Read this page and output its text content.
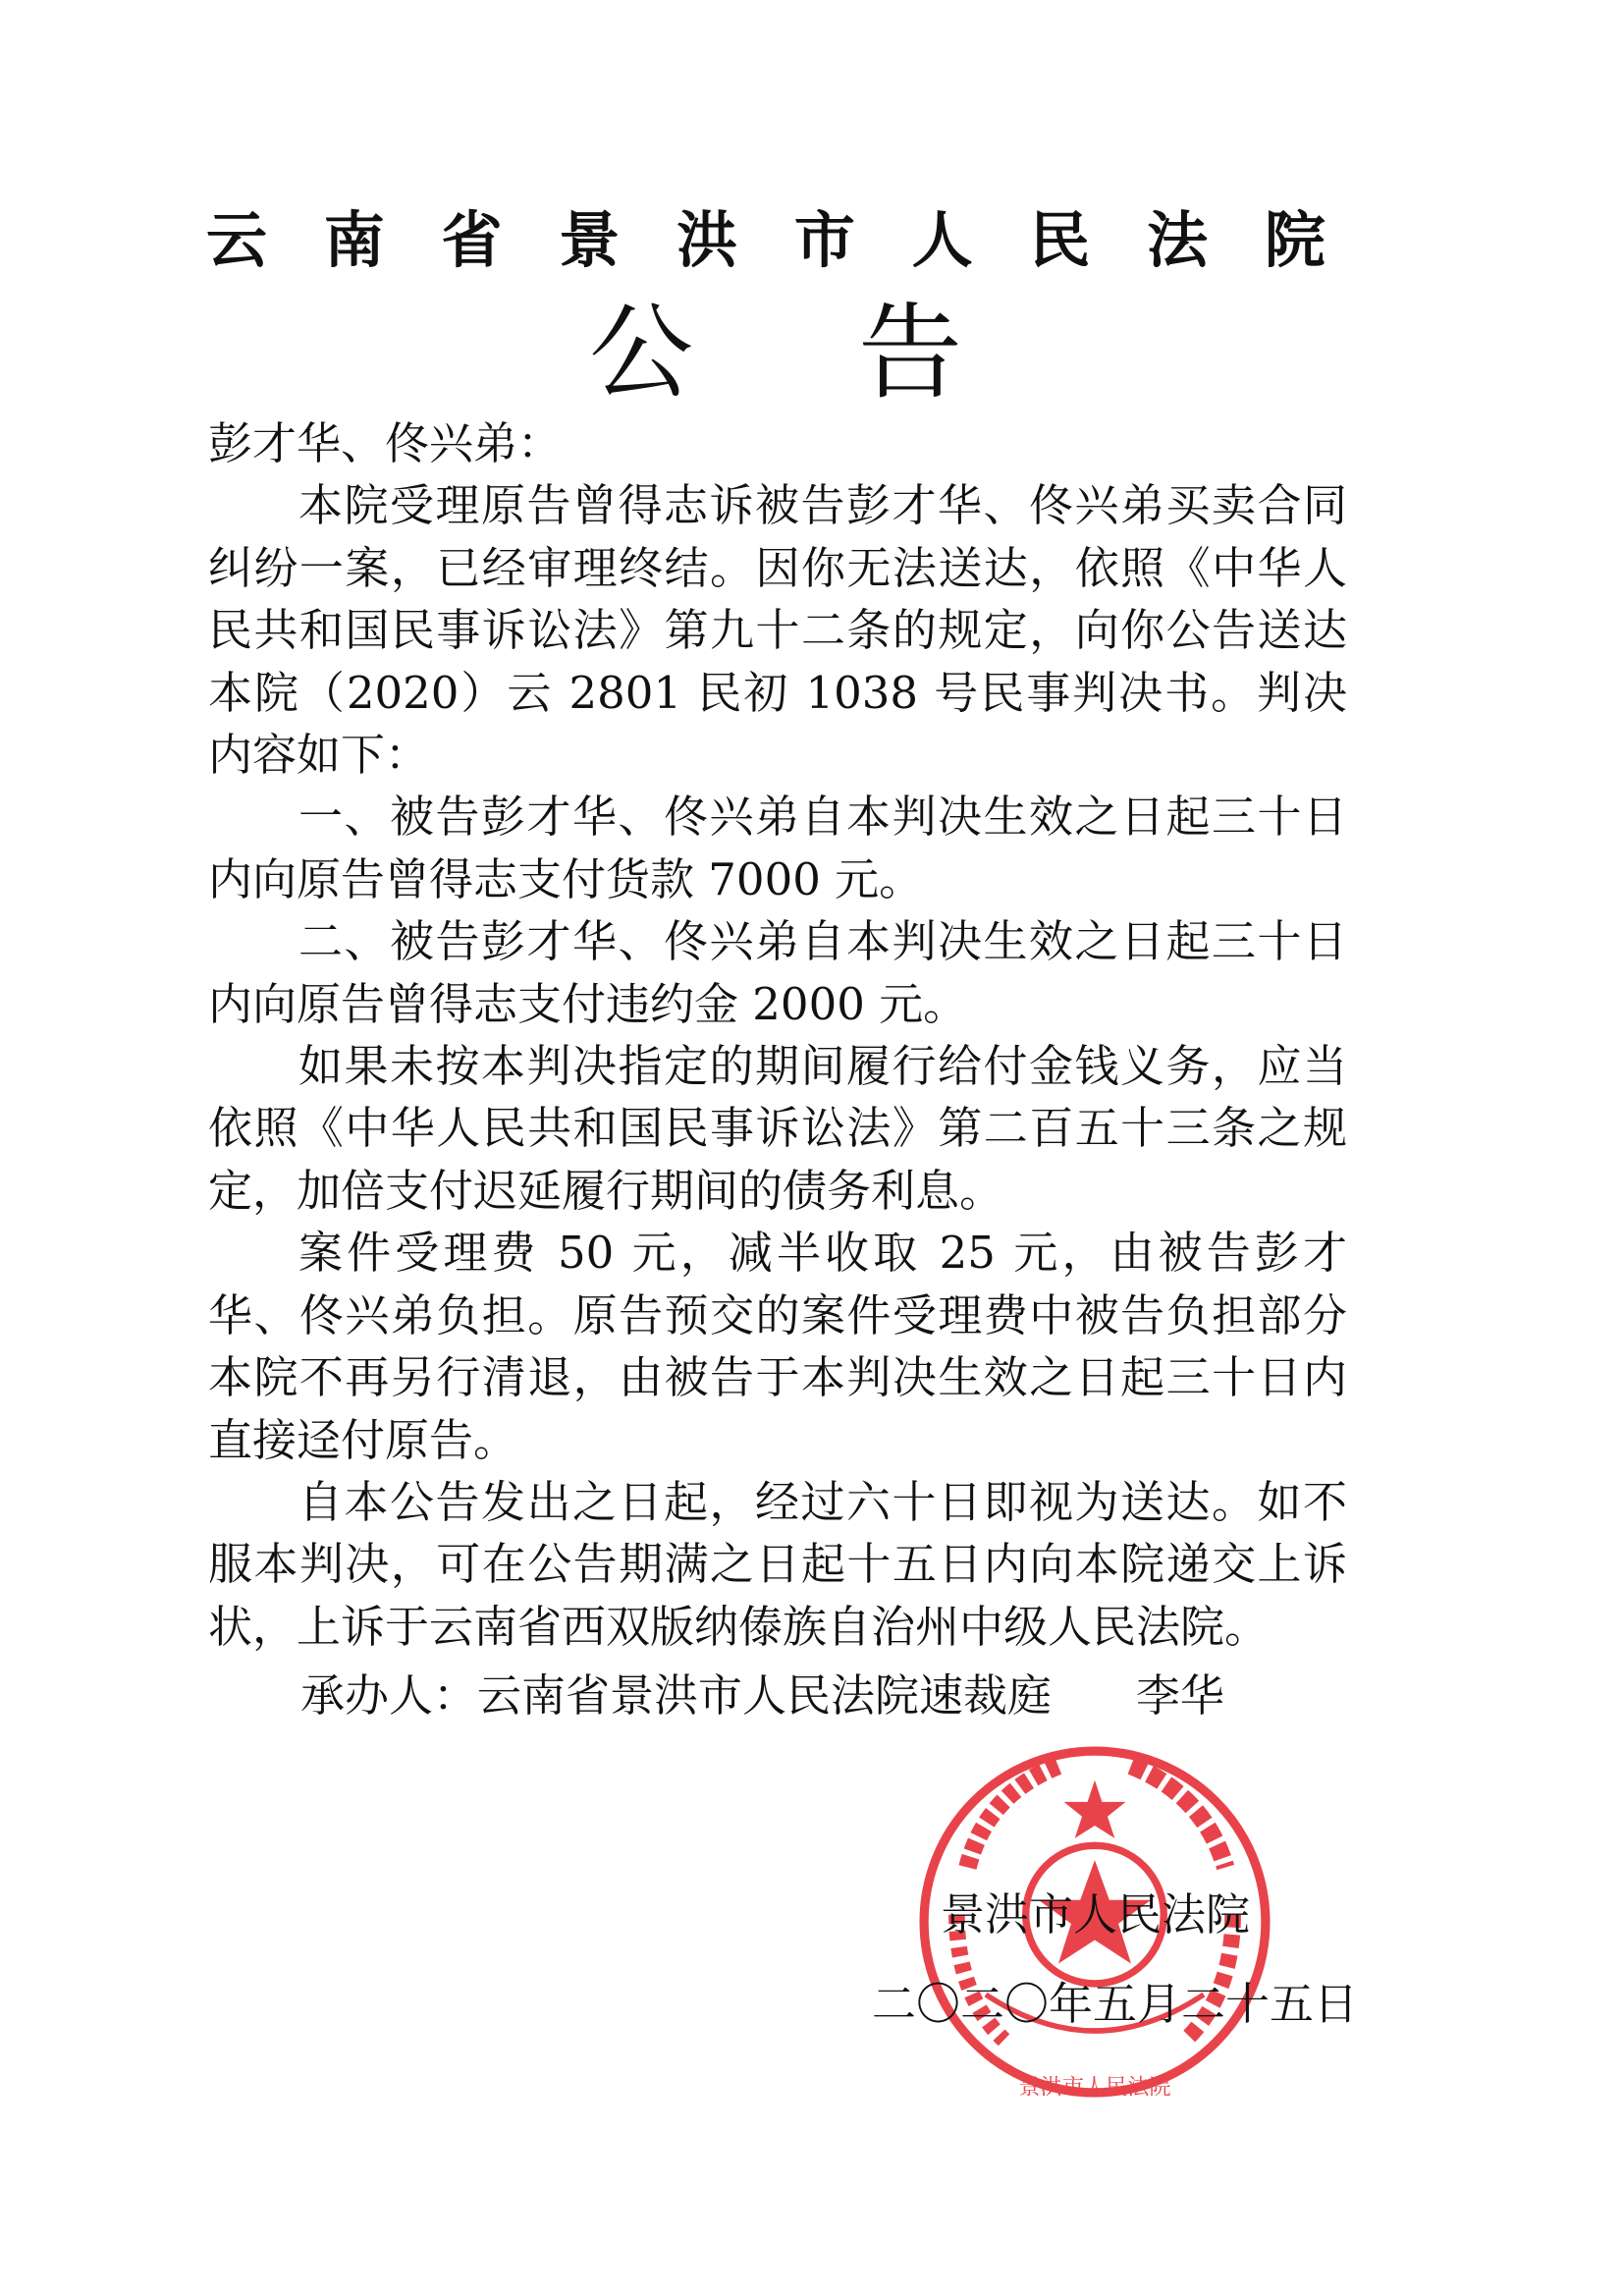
云 南 省 景 洪 市 人 民 法 院
公 告

彭才华、佟兴弟：

本院受理原告曾得志诉被告彭才华、佟兴弟买卖合同纠纷一案，已经审理终结。因你无法送达，依照《中华人民共和国民事诉讼法》第九十二条的规定，向你公告送达本院（2020）云 2801 民初 1038 号民事判决书。判决内容如下：

一、被告彭才华、佟兴弟自本判决生效之日起三十日内向原告曾得志支付货款 7000 元。

二、被告彭才华、佟兴弟自本判决生效之日起三十日内向原告曾得志支付违约金 2000 元。

如果未按本判决指定的期间履行给付金钱义务，应当依照《中华人民共和国民事诉讼法》第二百五十三条之规定，加倍支付迟延履行期间的债务利息。

案件受理费 50 元，减半收取 25 元，由被告彭才华、佟兴弟负担。原告预交的案件受理费中被告负担部分本院不再另行清退，由被告于本判决生效之日起三十日内直接迳付原告。

自本公告发出之日起，经过六十日即视为送达。如不服本判决，可在公告期满之日起十五日内向本院递交上诉状，上诉于云南省西双版纳傣族自治州中级人民法院。

承办人：云南省景洪市人民法院速裁庭      李华
景洪市人民法院
景洪市人民法院
二〇二〇年五月二十五日
